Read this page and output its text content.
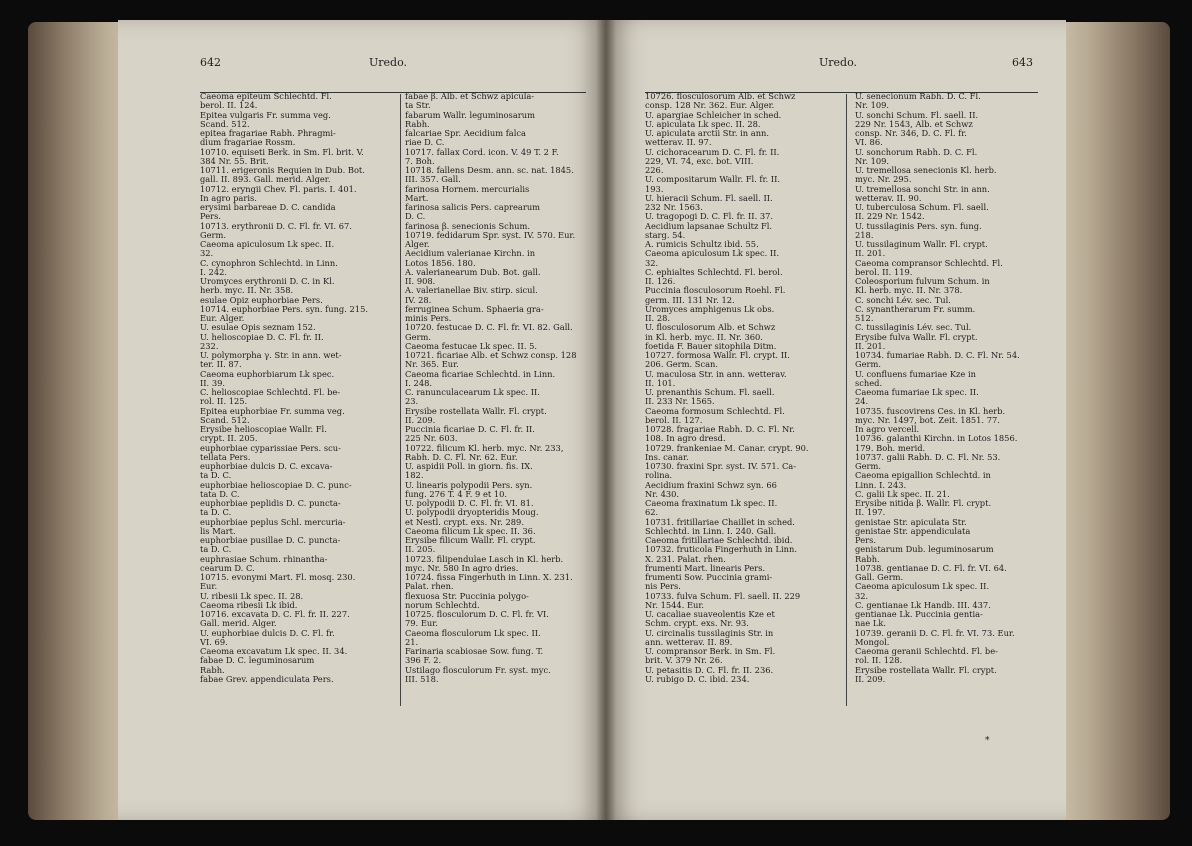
642	Uredo.	Uredo.	643

Caeoma epiteum Schlechtd. Fl.

berol. II. 124.

Epitea vulgaris Fr. summa veg.

Scand. 512.

epitea fragariae Rabh. Phragmi-

dium fragariae Rossm.

10710. equiseti Berk. in Sm. Fl. brit. V.

384 Nr. 55. Brit.

10711. erigeronis Requien in Dub. Bot.

gall. II. 893. Gall. merid. Alger.

10712. eryngii Chev. Fl. paris. I. 401.

In agro paris.

erysimi barbareae D. C. candida

Pers.

10713. erythronii D. C. Fl. fr. VI. 67.

Germ.

Caeoma apiculosum Lk spec. II.

32.

C. cynophron Schlechtd. in Linn.

I. 242.

Uromyces erythronii D. C. in Kl.

herb. myc. II. Nr. 358.

esulae Opiz euphorbiae Pers.

10714. euphorbiae Pers. syn. fung. 215.

Eur. Alger.

U. esulae Opis seznam 152.

U. helioscopiae D. C. Fl. fr. II.

232.

U. polymorpha γ. Str. in ann. wet-

ter. II. 87.

Caeoma euphorbiarum Lk spec.

II. 39.

C. helioscopiae Schlechtd. Fl. be-

rol. II. 125.

Epitea euphorbiae Fr. summa veg.

Scand. 512.

Erysibe helioscopiae Wallr. Fl.

crypt. II. 205.

euphorbiae cyparissiae Pers. scu-

tellata Pers.

euphorbiae dulcis D. C. excava-

ta D. C.

euphorbiae helioscopiae D. C. punc-

tata D. C.

euphorbiae peplidis D. C. puncta-

ta D. C.

euphorbiae peplus Schl. mercuria-

lis Mart.

euphorbiae pusillae D. C. puncta-

ta D. C.

euphrasiae Schum. rhinantha-

cearum D. C.

10715. evonymi Mart. Fl. mosq. 230.

Eur.

U. ribesii Lk spec. II. 28.

Caeoma ribesii Lk ibid.

10716. excavata D. C. Fl. fr. II. 227.

Gall. merid. Alger.

U. euphorbiae dulcis D. C. Fl. fr.

VI. 69.

Caeoma excavatum Lk spec. II. 34.

fabae D. C. leguminosarum

Rabh.

fabae Grev. appendiculata Pers.

fabae β. Alb. et Schwz apicula-

ta Str.

fabarum Wallr. leguminosarum

Rabh.

falcariae Spr. Aecidium falca

riae D. C.

10717. fallax Cord. icon. V. 49 T. 2 F.

7. Boh.

10718. fallens Desm. ann. sc. nat. 1845.

III. 357. Gall.

farinosa Hornem. mercurialis

Mart.

farinosa salicis Pers. caprearum

D. C.

farinosa β. senecionis Schum.

10719. fedidarum Spr. syst. IV. 570. Eur.

Alger.

Aecidium valerianae Kirchn. in

Lotos 1856. 180.

A. valerianearum Dub. Bot. gall.

II. 908.

A. valerianellae Biv. stirp. sicul.

IV. 28.

ferruginea Schum. Sphaeria gra-

minis Pers.

10720. festucae D. C. Fl. fr. VI. 82. Gall.

Germ.

Caeoma festucae Lk spec. II. 5.

10721. ficariae Alb. et Schwz consp. 128

Nr. 365. Eur.

Caeoma ficariae Schlechtd. in Linn.

I. 248.

C. ranunculacearum Lk spec. II.

23.

Erysibe rostellata Wallr. Fl. crypt.

II. 209.

Puccinia ficariae D. C. Fl. fr. II.

225 Nr. 603.

10722. filicum Kl. herb. myc. Nr. 233,

Rabh. D. C. Fl. Nr. 62. Eur.

U. aspidii Poll. in giorn. fis. IX.

182.

U. linearis polypodii Pers. syn.

fung. 276 T. 4 F. 9 et 10.

U. polypodii D. C. Fl. fr. VI. 81.

U. polypodii dryopteridis Moug.

et Nestl. crypt. exs. Nr. 289.

Caeoma filicum Lk spec. II. 36.

Erysibe filicum Wallr. Fl. crypt.

II. 205.

10723. filipendulae Lasch in Kl. herb.

myc. Nr. 580 In agro dries.

10724. fissa Fingerhuth in Linn. X. 231.

Palat. rhen.

flexuosa Str. Puccinia polygo-

norum Schlechtd.

10725. flosculorum D. C. Fl. fr. VI.

79. Eur.

Caeoma flosculorum Lk spec. II.

21.

Farinaria scabiosae Sow. fung. T.

396 F. 2.

Ustilago flosculorum Fr. syst. myc.

III. 518.

10726. flosculosorum Alb. et Schwz

consp. 128 Nr. 362. Eur. Alger.

U. apargiae Schleicher in sched.

U. apiculata Lk spec. II. 28.

U. apiculata arctii Str. in ann.

wetterav. II. 97.

U. cichoracearum D. C. Fl. fr. II.

229, VI. 74, exc. bot. VIII.

226.

U. compositarum Wallr. Fl. fr. II.

193.

U. hieracii Schum. Fl. saell. II.

232 Nr. 1563.

U. tragopogi D. C. Fl. fr. II. 37.

Aecidium lapsanae Schultz Fl.

starg. 54.

A. rumicis Schultz ibid. 55.

Caeoma apiculosum Lk spec. II.

32.

C. ephialtes Schlechtd. Fl. berol.

II. 126.

Puccinia flosculosorum Roehl. Fl.

germ. III. 131 Nr. 12.

Uromyces amphigenus Lk obs.

II. 28.

U. flosculosorum Alb. et Schwz

in Kl. herb. myc. II. Nr. 360.

foetida F. Bauer sitophila Ditm.

10727. formosa Wallr. Fl. crypt. II.

206. Germ. Scan.

U. maculosa Str. in ann. wetterav.

II. 101.

U. prenanthis Schum. Fl. saell.

II. 233 Nr. 1565.

Caeoma formosum Schlechtd. Fl.

berol. II. 127.

10728. fragariae Rabh. D. C. Fl. Nr.

108. In agro dresd.

10729. frankeniae M. Canar. crypt. 90.

Ins. canar.

10730. fraxini Spr. syst. IV. 571. Ca-

rolina.

Aecidium fraxini Schwz syn. 66

Nr. 430.

Caeoma fraxinatum Lk spec. II.

62.

10731. fritillariae Chaillet in sched.

Schlechtd. in Linn. I. 240. Gall.

Caeoma fritillariae Schlechtd. ibid.

10732. fruticola Fingerhuth in Linn.

X. 231. Palat. rhen.

frumenti Mart. linearis Pers.

frumenti Sow. Puccinia grami-

nis Pers.

10733. fulva Schum. Fl. saell. II. 229

Nr. 1544. Eur.

U. cacaliae suaveolentis Kze et

Schm. crypt. exs. Nr. 93.

U. circinalis tussilaginis Str. in

ann. wetterav. II. 89.

U. compransor Berk. in Sm. Fl.

brit. V. 379 Nr. 26.

U. petasitis D. C. Fl. fr. II. 236.

U. rubigo D. C. ibid. 234.

U. senecionum Rabh. D. C. Fl.

Nr. 109.

U. sonchi Schum. Fl. saell. II.

229 Nr. 1543, Alb. et Schwz

consp. Nr. 346, D. C. Fl. fr.

VI. 86.

U. sonchorum Rabh. D. C. Fl.

Nr. 109.

U. tremellosa senecionis Kl. herb.

myc. Nr. 295.

U. tremellosa sonchi Str. in ann.

wetterav. II. 90.

U. tuberculosa Schum. Fl. saell.

II. 229 Nr. 1542.

U. tussilaginis Pers. syn. fung.

218.

U. tussilaginum Wallr. Fl. crypt.

II. 201.

Caeoma compransor Schlechtd. Fl.

berol. II. 119.

Coleosporium fulvum Schum. in

Kl. herb. myc. II. Nr. 378.

C. sonchi Lév. sec. Tul.

C. synantherarum Fr. summ.

512.

C. tussilaginis Lév. sec. Tul.

Erysibe fulva Wallr. Fl. crypt.

II. 201.

10734. fumariae Rabh. D. C. Fl. Nr. 54.

Germ.

U. confluens fumariae Kze in

sched.

Caeoma fumariae Lk spec. II.

24.

10735. fuscovirens Ces. in Kl. herb.

myc. Nr. 1497, bot. Zeit. 1851. 77.

In agro vercell.

10736. galanthi Kirchn. in Lotos 1856.

179. Boh. merid.

10737. galii Rabh. D. C. Fl. Nr. 53.

Germ.

Caeoma epigallion Schlechtd. in

Linn. I. 243.

C. galii Lk spec. II. 21.

Erysibe nitida β. Wallr. Fl. crypt.

II. 197.

genistae Str. apiculata Str.

genistae Str. appendiculata

Pers.

genistarum Dub. leguminosarum

Rabh.

10738. gentianae D. C. Fl. fr. VI. 64.

Gall. Germ.

Caeoma apiculosum Lk spec. II.

32.

C. gentianae Lk Handb. III. 437.

gentianae Lk. Puccinia gentia-

nae Lk.

10739. geranii D. C. Fl. fr. VI. 73. Eur.

Mongol.

Caeoma geranii Schlechtd. Fl. be-

rol. II. 128.

Erysibe rostellata Wallr. Fl. crypt.

II. 209.

*
